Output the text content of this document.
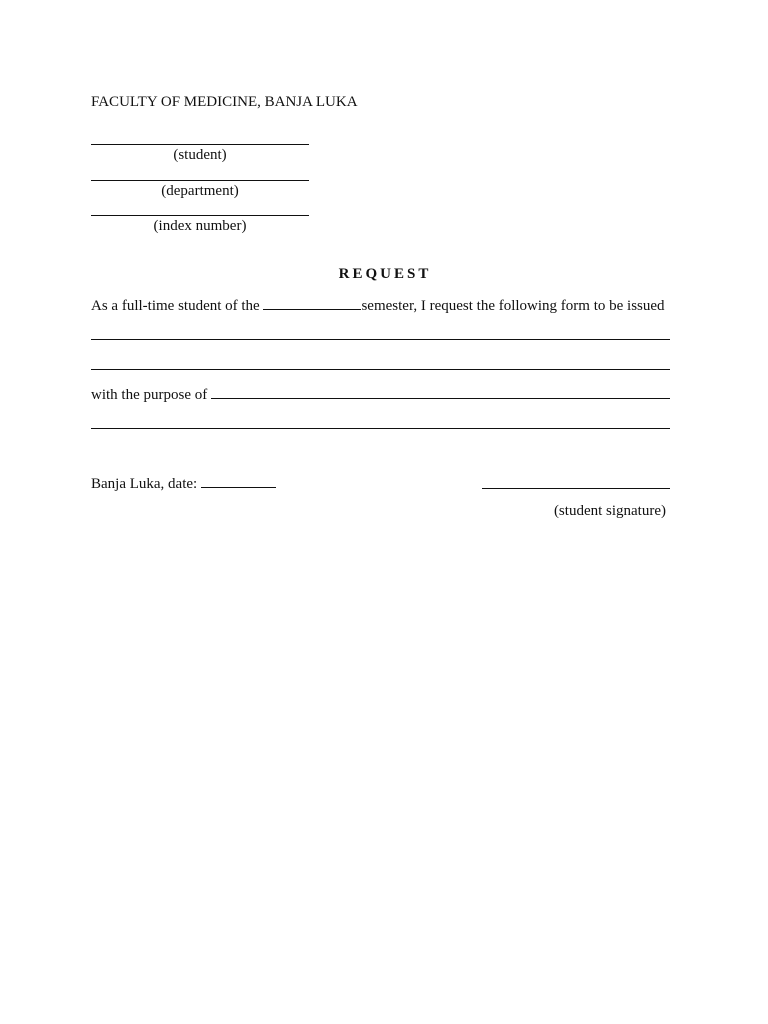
FACULTY OF MEDICINE, BANJA LUKA
(student)
(department)
(index number)
REQUEST
As a full-time student of the	semester, I request the following form to be issued
with the purpose of
Banja Luka, date:
(student signature)
